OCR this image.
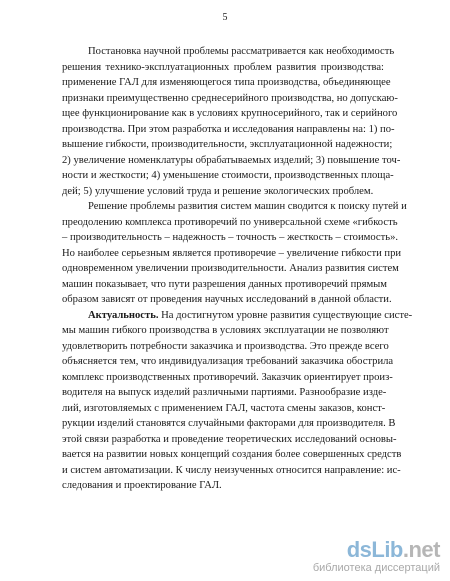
5
Постановка научной проблемы рассматривается как необходимость
решения технико-эксплуатационных проблем развития производства:
применение ГАЛ для изменяющегося типа производства, объединяющее
признаки преимущественно среднесерийного производства, но допускаю-
щее функционирование как в условиях крупносерийного, так и серийного
производства. При этом разработка и исследования направлены на: 1) по-
вышение гибкости, производительности, эксплуатационной надежности;
2) увеличение номенклатуры обрабатываемых изделий; 3) повышение точ-
ности и жесткости; 4) уменьшение стоимости, производственных площа-
дей; 5) улучшение условий труда и решение экологических проблем.
Решение проблемы развития систем машин сводится к поиску путей и
преодолению комплекса противоречий по универсальной схеме «гибкость
– производительность – надежность – точность – жесткость – стоимость».
Но наиболее серьезным является противоречие – увеличение гибкости при
одновременном увеличении производительности. Анализ развития систем
машин показывает, что пути разрешения данных противоречий прямым
образом зависят от проведения научных исследований в данной области.
Актуальность. На достигнутом уровне развития существующие систе-
мы машин гибкого производства в условиях эксплуатации не позволяют
удовлетворить потребности заказчика и производства. Это прежде всего
объясняется тем, что индивидуализация требований заказчика обострила
комплекс производственных противоречий. Заказчик ориентирует произ-
водителя на выпуск изделий различными партиями. Разнообразие изде-
лий, изготовляемых с применением ГАЛ, частота смены заказов, конст-
рукции изделий становятся случайными факторами для производителя. В
этой связи разработка и проведение теоретических исследований основы-
вается на развитии новых концепций создания более совершенных средств
и систем автоматизации. К числу неизученных относится направление: ис-
следования и проектирование ГАЛ.
dsLib.net
библиотека диссертаций
